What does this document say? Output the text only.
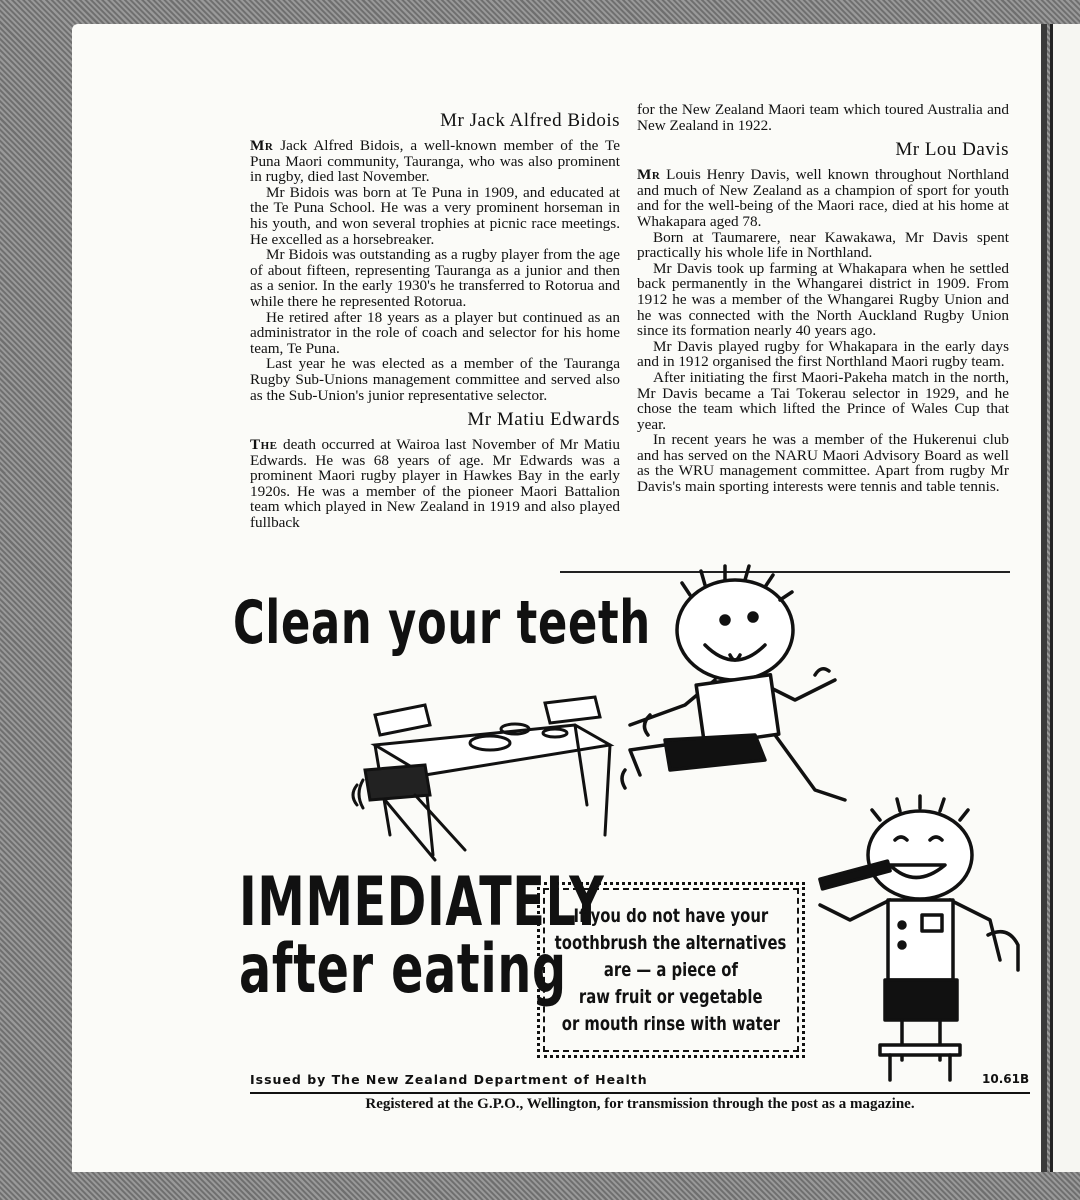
Mr Jack Alfred Bidois

Mr Jack Alfred Bidois, a well-known member of the Te Puna Maori community, Tauranga, who was also prominent in rugby, died last November.

Mr Bidois was born at Te Puna in 1909, and educated at the Te Puna School. He was a very prominent horseman in his youth, and won several trophies at picnic race meetings. He excelled as a horsebreaker.

Mr Bidois was outstanding as a rugby player from the age of about fifteen, representing Tauranga as a junior and then as a senior. In the early 1930's he transferred to Rotorua and while there he represented Rotorua.

He retired after 18 years as a player but continued as an administrator in the role of coach and selector for his home team, Te Puna.

Last year he was elected as a member of the Tauranga Rugby Sub-Unions management committee and served also as the Sub-Union's junior representative selector.

Mr Matiu Edwards

The death occurred at Wairoa last November of Mr Matiu Edwards. He was 68 years of age. Mr Edwards was a prominent Maori rugby player in Hawkes Bay in the early 1920s. He was a member of the pioneer Maori Battalion team which played in New Zealand in 1919 and also played fullback

for the New Zealand Maori team which toured Australia and New Zealand in 1922.

Mr Lou Davis

Mr Louis Henry Davis, well known throughout Northland and much of New Zealand as a champion of sport for youth and for the well-being of the Maori race, died at his home at Whakapara aged 78.

Born at Taumarere, near Kawakawa, Mr Davis spent practically his whole life in Northland.

Mr Davis took up farming at Whakapara when he settled back permanently in the Whangarei district in 1909. From 1912 he was a member of the Whangarei Rugby Union and he was connected with the North Auckland Rugby Union since its formation nearly 40 years ago.

Mr Davis played rugby for Whakapara in the early days and in 1912 organised the first Northland Maori rugby team.

After initiating the first Maori-Pakeha match in the north, Mr Davis became a Tai Tokerau selector in 1929, and he chose the team which lifted the Prince of Wales Cup that year.

In recent years he was a member of the Hukerenui club and has served on the NARU Maori Advisory Board as well as the WRU management committee. Apart from rugby Mr Davis's main sporting interests were tennis and table tennis.

Clean your teeth
IMMEDIATELY
after eating
If you do not have your
toothbrush the alternatives
are — a piece of
raw fruit or vegetable
or mouth rinse with water
Issued by The New Zealand Department of Health	10.61B
Registered at the G.P.O., Wellington, for transmission through the post as a magazine.
